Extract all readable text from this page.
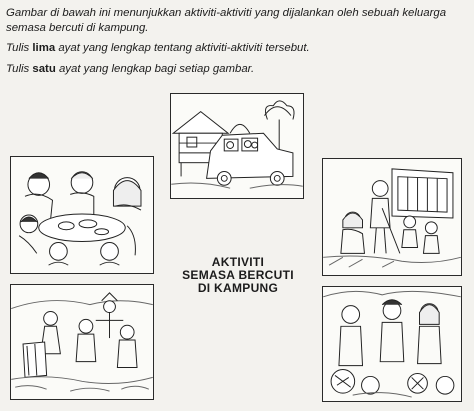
Gambar di bawah ini menunjukkan aktiviti-aktiviti yang dijalankan oleh sebuah keluarga semasa bercuti di kampung.

Tulis lima ayat yang lengkap tentang aktiviti-aktiviti tersebut.

Tulis satu ayat yang lengkap bagi setiap gambar.

AKTIVITI
SEMASA BERCUTI
DI KAMPUNG
